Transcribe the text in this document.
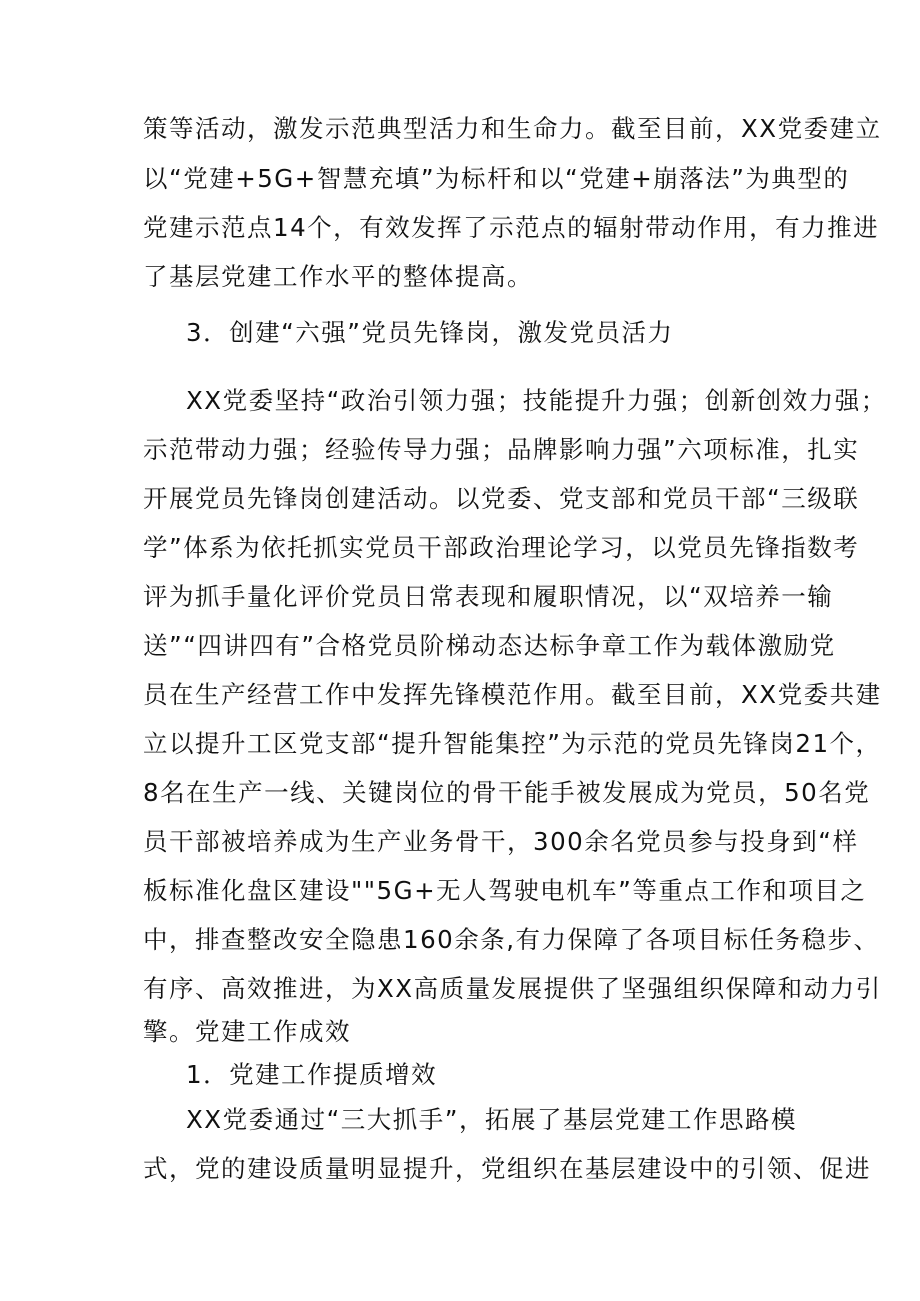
策等活动，激发示范典型活力和生命力。截至目前，XX党委建立
以“党建+5G+智慧充填”为标杆和以“党建+崩落法”为典型的
党建示范点14个，有效发挥了示范点的辐射带动作用，有力推进
了基层党建工作水平的整体提高。
3．创建“六强”党员先锋岗，激发党员活力
XX党委坚持“政治引领力强；技能提升力强；创新创效力强；
示范带动力强；经验传导力强；品牌影响力强”六项标准，扎实
开展党员先锋岗创建活动。以党委、党支部和党员干部“三级联
学”体系为依托抓实党员干部政治理论学习，以党员先锋指数考
评为抓手量化评价党员日常表现和履职情况，以“双培养一输
送”“四讲四有”合格党员阶梯动态达标争章工作为载体激励党
员在生产经营工作中发挥先锋模范作用。截至目前，XX党委共建
立以提升工区党支部“提升智能集控”为示范的党员先锋岗21个，
8名在生产一线、关键岗位的骨干能手被发展成为党员，50名党
员干部被培养成为生产业务骨干，300余名党员参与投身到“样
板标准化盘区建设""5G+无人驾驶电机车”等重点工作和项目之
中，排查整改安全隐患160余条,有力保障了各项目标任务稳步、
有序、高效推进，为XX高质量发展提供了坚强组织保障和动力引
擎。党建工作成效
1．党建工作提质增效
XX党委通过“三大抓手”，拓展了基层党建工作思路模
式，党的建设质量明显提升，党组织在基层建设中的引领、促进
